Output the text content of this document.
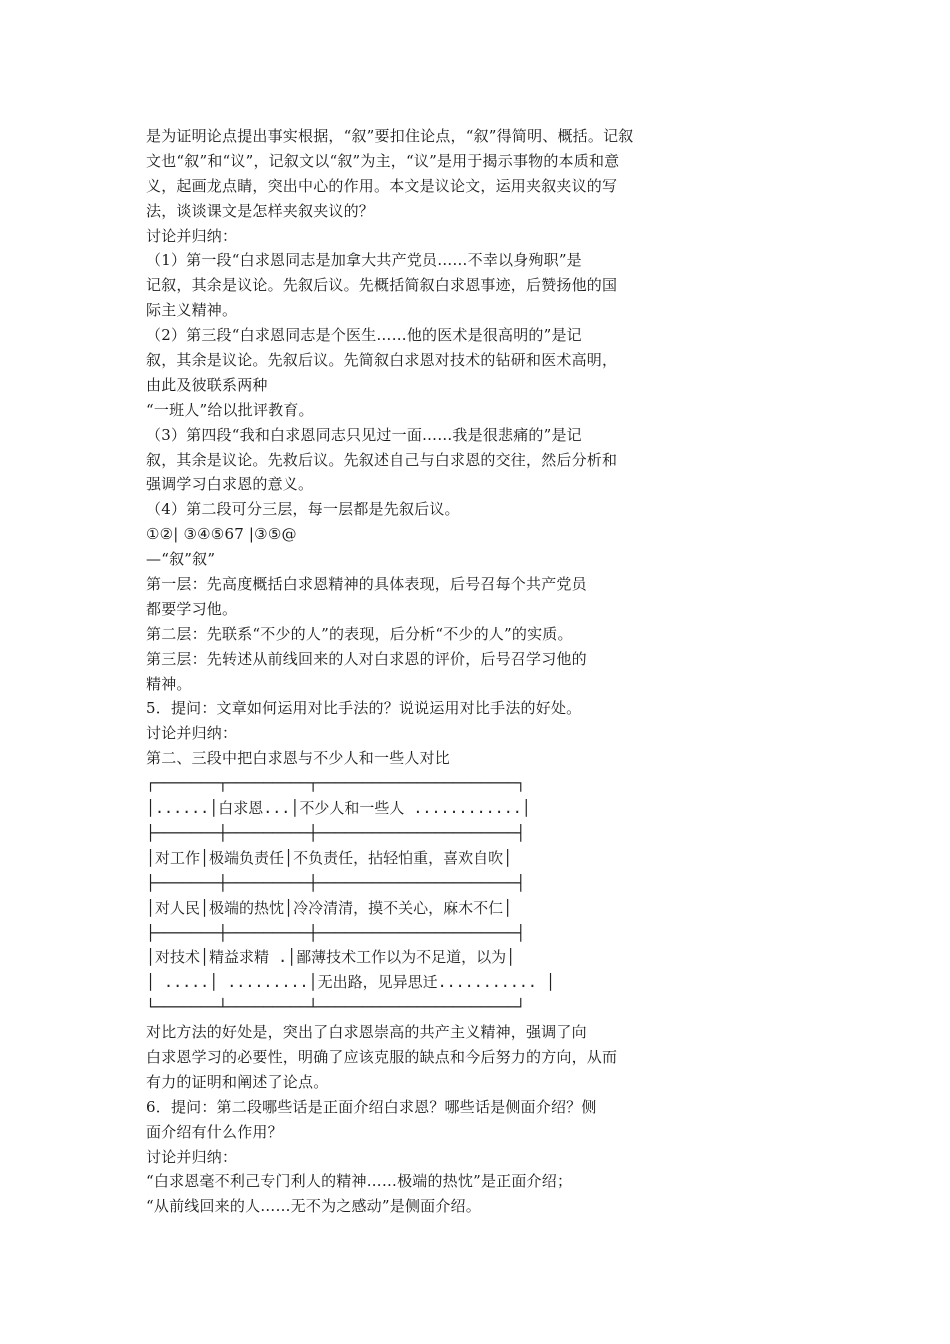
是为证明论点提出事实根据，“叙”要扣住论点，“叙”得简明、概括。记叙
文也“叙”和“议”，记叙文以“叙”为主，“议”是用于揭示事物的本质和意
义，起画龙点睛，突出中心的作用。本文是议论文，运用夹叙夹议的写
法，谈谈课文是怎样夹叙夹议的？
讨论并归纳：
（1）第一段“白求恩同志是加拿大共产党员……不幸以身殉职”是
记叙，其余是议论。先叙后议。先概括简叙白求恩事迹，后赞扬他的国
际主义精神。
（2）第三段“白求恩同志是个医生……他的医术是很高明的”是记
叙，其余是议论。先叙后议。先简叙白求恩对技术的钻研和医术高明，
由此及彼联系两种
“一班人”给以批评教育。
（3）第四段“我和白求恩同志只见过一面……我是很悲痛的”是记
叙，其余是议论。先救后议。先叙述自己与白求恩的交往，然后分析和
强调学习白求恩的意义。
（4）第二段可分三层，每一层都是先叙后议。
①②| ③④⑤67 |③⑤@
—“叙”叙”
第一层：先高度概括白求恩精神的具体表现，后号召每个共产党员
都要学习他。
第二层：先联系“不少的人”的表现，后分析“不少的人”的实质。
第三层：先转述从前线回来的人对白求恩的评价，后号召学习他的
精神。
5．提问：文章如何运用对比手法的？说说运用对比手法的好处。
讨论并归纳：
第二、三段中把白求恩与不少人和一些人对比
┌───────┬─────────┬──────────────────────┐
│......│白求恩...│不少人和一些人 ............│
├───────┼─────────┼──────────────────────┤
│对工作│极端负责任│不负责任，拈轻怕重，喜欢自吹│
├───────┼─────────┼──────────────────────┤
│对人民│极端的热忱│冷冷清清，摸不关心，麻木不仁│
├───────┼─────────┼──────────────────────┤
│对技术│精益求精 .│鄙薄技术工作以为不足道，以为│
│ .....│ .........│无出路，见异思迁........... │
└───────┴─────────┴──────────────────────┘
对比方法的好处是，突出了白求恩崇高的共产主义精神，强调了向
白求恩学习的必要性，明确了应该克服的缺点和今后努力的方向，从而
有力的证明和阐述了论点。
6．提问：第二段哪些话是正面介绍白求恩？哪些话是侧面介绍？侧
面介绍有什么作用？
讨论并归纳：
“白求恩毫不利己专门利人的精神……极端的热忱”是正面介绍；
“从前线回来的人……无不为之感动”是侧面介绍。
